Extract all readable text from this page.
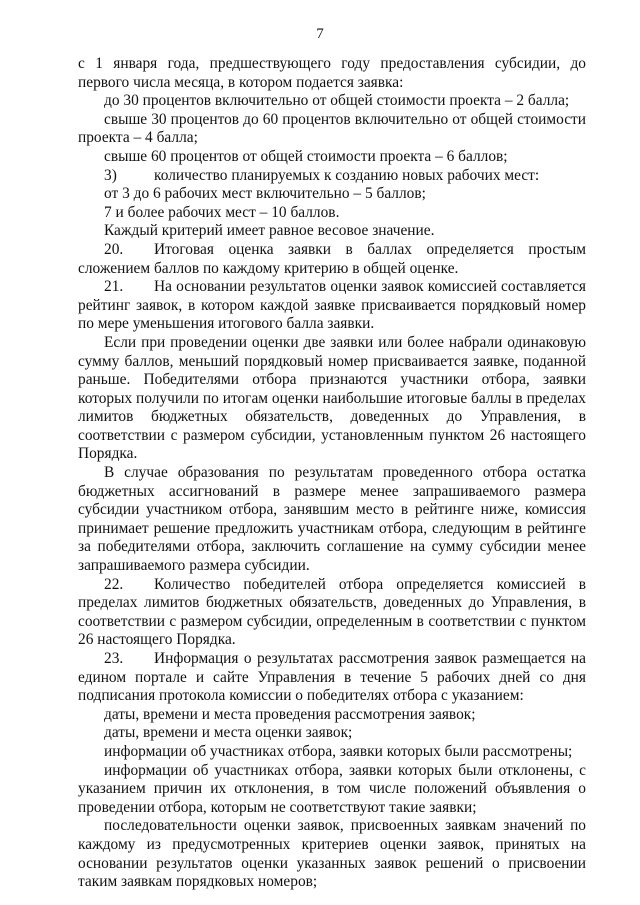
7

с 1 января года, предшествующего году предоставления субсидии, до первого числа месяца, в котором подается заявка:

до 30 процентов включительно от общей стоимости проекта – 2 балла;

свыше 30 процентов до 60 процентов включительно от общей стоимости проекта – 4 балла;

свыше 60 процентов от общей стоимости проекта – 6 баллов;

3) количество планируемых к созданию новых рабочих мест:

от 3 до 6 рабочих мест включительно – 5 баллов;

7 и более рабочих мест – 10 баллов.

Каждый критерий имеет равное весовое значение.

20. Итоговая оценка заявки в баллах определяется простым сложением баллов по каждому критерию в общей оценке.

21. На основании результатов оценки заявок комиссией составляется рейтинг заявок, в котором каждой заявке присваивается порядковый номер по мере уменьшения итогового балла заявки.

Если при проведении оценки две заявки или более набрали одинаковую сумму баллов, меньший порядковый номер присваивается заявке, поданной раньше. Победителями отбора признаются участники отбора, заявки которых получили по итогам оценки наибольшие итоговые баллы в пределах лимитов бюджетных обязательств, доведенных до Управления, в соответствии с размером субсидии, установленным пунктом 26 настоящего Порядка.

В случае образования по результатам проведенного отбора остатка бюджетных ассигнований в размере менее запрашиваемого размера субсидии участником отбора, занявшим место в рейтинге ниже, комиссия принимает решение предложить участникам отбора, следующим в рейтинге за победителями отбора, заключить соглашение на сумму субсидии менее запрашиваемого размера субсидии.

22. Количество победителей отбора определяется комиссией в пределах лимитов бюджетных обязательств, доведенных до Управления, в соответствии с размером субсидии, определенным в соответствии с пунктом 26 настоящего Порядка.

23. Информация о результатах рассмотрения заявок размещается на едином портале и сайте Управления в течение 5 рабочих дней со дня подписания протокола комиссии о победителях отбора с указанием:

даты, времени и места проведения рассмотрения заявок;

даты, времени и места оценки заявок;

информации об участниках отбора, заявки которых были рассмотрены;

информации об участниках отбора, заявки которых были отклонены, с указанием причин их отклонения, в том числе положений объявления о проведении отбора, которым не соответствуют такие заявки;

последовательности оценки заявок, присвоенных заявкам значений по каждому из предусмотренных критериев оценки заявок, принятых на основании результатов оценки указанных заявок решений о присвоении таким заявкам порядковых номеров;
